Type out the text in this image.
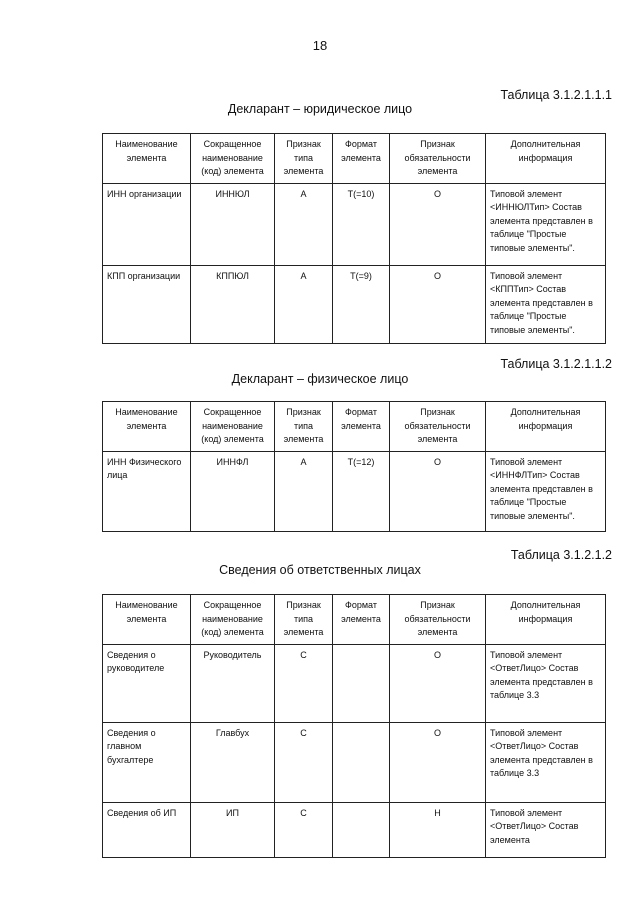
18
Таблица 3.1.2.1.1.1
Декларант – юридическое лицо
Наименование элемента	Сокращенное наименование (код) элемента	Признак типа элемента	Формат элемента	Признак обязательности элемента	Дополнительная информация
ИНН организации	ИННЮЛ	А	T(=10)	О	Типовой элемент <ИННЮЛТип> Состав элемента представлен в таблице "Простые типовые элементы".
КПП организации	КППЮЛ	А	T(=9)	О	Типовой элемент <КППТип> Состав элемента представлен в таблице "Простые типовые элементы".
Таблица 3.1.2.1.1.2
Декларант – физическое лицо
Наименование элемента	Сокращенное наименование (код) элемента	Признак типа элемента	Формат элемента	Признак обязательности элемента	Дополнительная информация
ИНН Физического лица	ИННФЛ	А	T(=12)	О	Типовой элемент <ИННФЛТип> Состав элемента представлен в таблице "Простые типовые элементы".
Таблица 3.1.2.1.2
Сведения об ответственных лицах
Наименование элемента	Сокращенное наименование (код) элемента	Признак типа элемента	Формат элемента	Признак обязательности элемента	Дополнительная информация
Сведения о руководителе	Руководитель	С		О	Типовой элемент <ОтветЛицо> Состав элемента представлен в таблице 3.3
Сведения о главном бухгалтере	Главбух	С		О	Типовой элемент <ОтветЛицо> Состав элемента представлен в таблице 3.3
Сведения об ИП	ИП	С		Н	Типовой элемент <ОтветЛицо> Состав элемента
